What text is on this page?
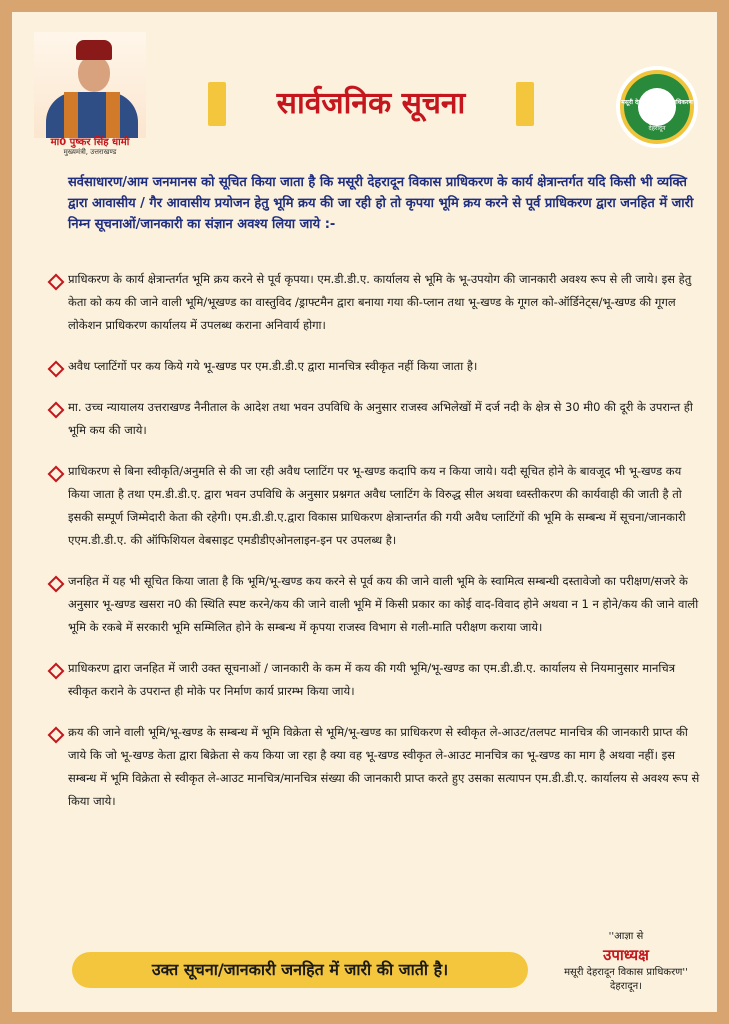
मा0 पुष्कर सिंह धामी
मुख्यमंत्री, उत्तराखण्ड
सार्वजनिक सूचना	मसूरी देहरादून विकास प्राधिकरण
देहरादून
सर्वसाधारण/आम जनमानस को सूचित किया जाता है कि मसूरी देहरादून विकास प्राधिकरण के कार्य क्षेत्रान्तर्गत यदि किसी भी व्यक्ति द्वारा आवासीय / गैर आवासीय प्रयोजन हेतु भूमि क्रय की जा रही हो तो कृपया भूमि क्रय करने से पूर्व प्राधिकरण द्वारा जनहित में जारी निम्न सूचनाओं/जानकारी का संज्ञान अवश्य लिया जाये :-
प्राधिकरण के कार्य क्षेत्रान्तर्गत भूमि क्रय करने से पूर्व कृपया। एम.डी.डी.ए. कार्यालय से भूमि के भू-उपयोग की जानकारी अवश्य रूप से ली जाये। इस हेतु केता को कय की जाने वाली भूमि/भूखण्ड का वास्तुविद /ड्राफ्टमैन द्वारा बनाया गया की-प्लान तथा भू-खण्ड के गूगल को-ऑर्डिनेट्स/भू-खण्ड की गूगल लोकेशन प्राधिकरण कार्यालय में उपलब्ध कराना अनिवार्य होगा।
अवैध प्लाटिंगों पर कय किये गये भू-खण्ड पर एम.डी.डी.ए द्वारा मानचित्र स्वीकृत नहीं किया जाता है।
मा. उच्च न्यायालय उत्तराखण्ड नैनीताल के आदेश तथा भवन उपविधि के अनुसार राजस्व अभिलेखों में दर्ज नदी के क्षेत्र से 30 मी0 की दूरी के उपरान्त ही भूमि कय की जाये।
प्राधिकरण से बिना स्वीकृति/अनुमति से की जा रही अवैध प्लाटिंग पर भू-खण्ड कदापि कय न किया जाये। यदी सूचित होने के बावजूद भी भू-खण्ड कय किया जाता है तथा एम.डी.डी.ए. द्वारा भवन उपविधि के अनुसार प्रश्नगत अवैध प्लाटिंग के विरुद्ध सील अथवा ध्वस्तीकरण की कार्यवाही की जाती है तो इसकी सम्पूर्ण जिम्मेदारी केता की रहेगी। एम.डी.डी.ए.द्वारा विकास प्राधिकरण क्षेत्रान्तर्गत की गयी अवैध प्लाटिंगों की भूमि के सम्बन्ध में सूचना/जानकारी एएम.डी.डी.ए. की ऑफिशियल वेबसाइट एमडीडीएओनलाइन-इन पर उपलब्ध है।
जनहित में यह भी सूचित किया जाता है कि भूमि/भू-खण्ड कय करने से पूर्व कय की जाने वाली भूमि के स्वामित्व सम्बन्धी दस्तावेजो का परीक्षण/सजरे के अनुसार भू-खण्ड खसरा न0 की स्थिति स्पष्ट करने/कय की जाने वाली भूमि में किसी प्रकार का कोई वाद-विवाद होने अथवा न 1 न होने/कय की जाने वाली भूमि के रकबे में सरकारी भूमि सम्मिलित होने के सम्बन्ध में कृपया राजस्व विभाग से गली-माति परीक्षण कराया जाये।
प्राधिकरण द्वारा जनहित में जारी उक्त सूचनाओं / जानकारी के कम में कय की गयी भूमि/भू-खण्ड का एम.डी.डी.ए. कार्यालय से नियमानुसार मानचित्र स्वीकृत कराने के उपरान्त ही मोके पर निर्माण कार्य प्रारम्भ किया जाये।
क्रय की जाने वाली भूमि/भू-खण्ड के सम्बन्ध में भूमि विक्रेता से भूमि/भू-खण्ड का प्राधिकरण से स्वीकृत ले-आउट/तलपट मानचित्र की जानकारी प्राप्त की जाये कि जो भू-खण्ड केता द्वारा बिक्रेता से कय किया जा रहा है क्या वह भू-खण्ड स्वीकृत ले-आउट मानचित्र का भू-खण्ड का माग है अथवा नहीं। इस सम्बन्ध में भूमि विक्रेता से स्वीकृत ले-आउट मानचित्र/मानचित्र संख्या की जानकारी प्राप्त करते हुए उसका सत्यापन एम.डी.डी.ए. कार्यालय से अवश्य रूप से किया जाये।
उक्त सूचना/जानकारी जनहित में जारी की जाती है।
''आज्ञा से
उपाध्यक्ष
मसूरी देहरादून विकास प्राधिकरण''
देहरादून।
